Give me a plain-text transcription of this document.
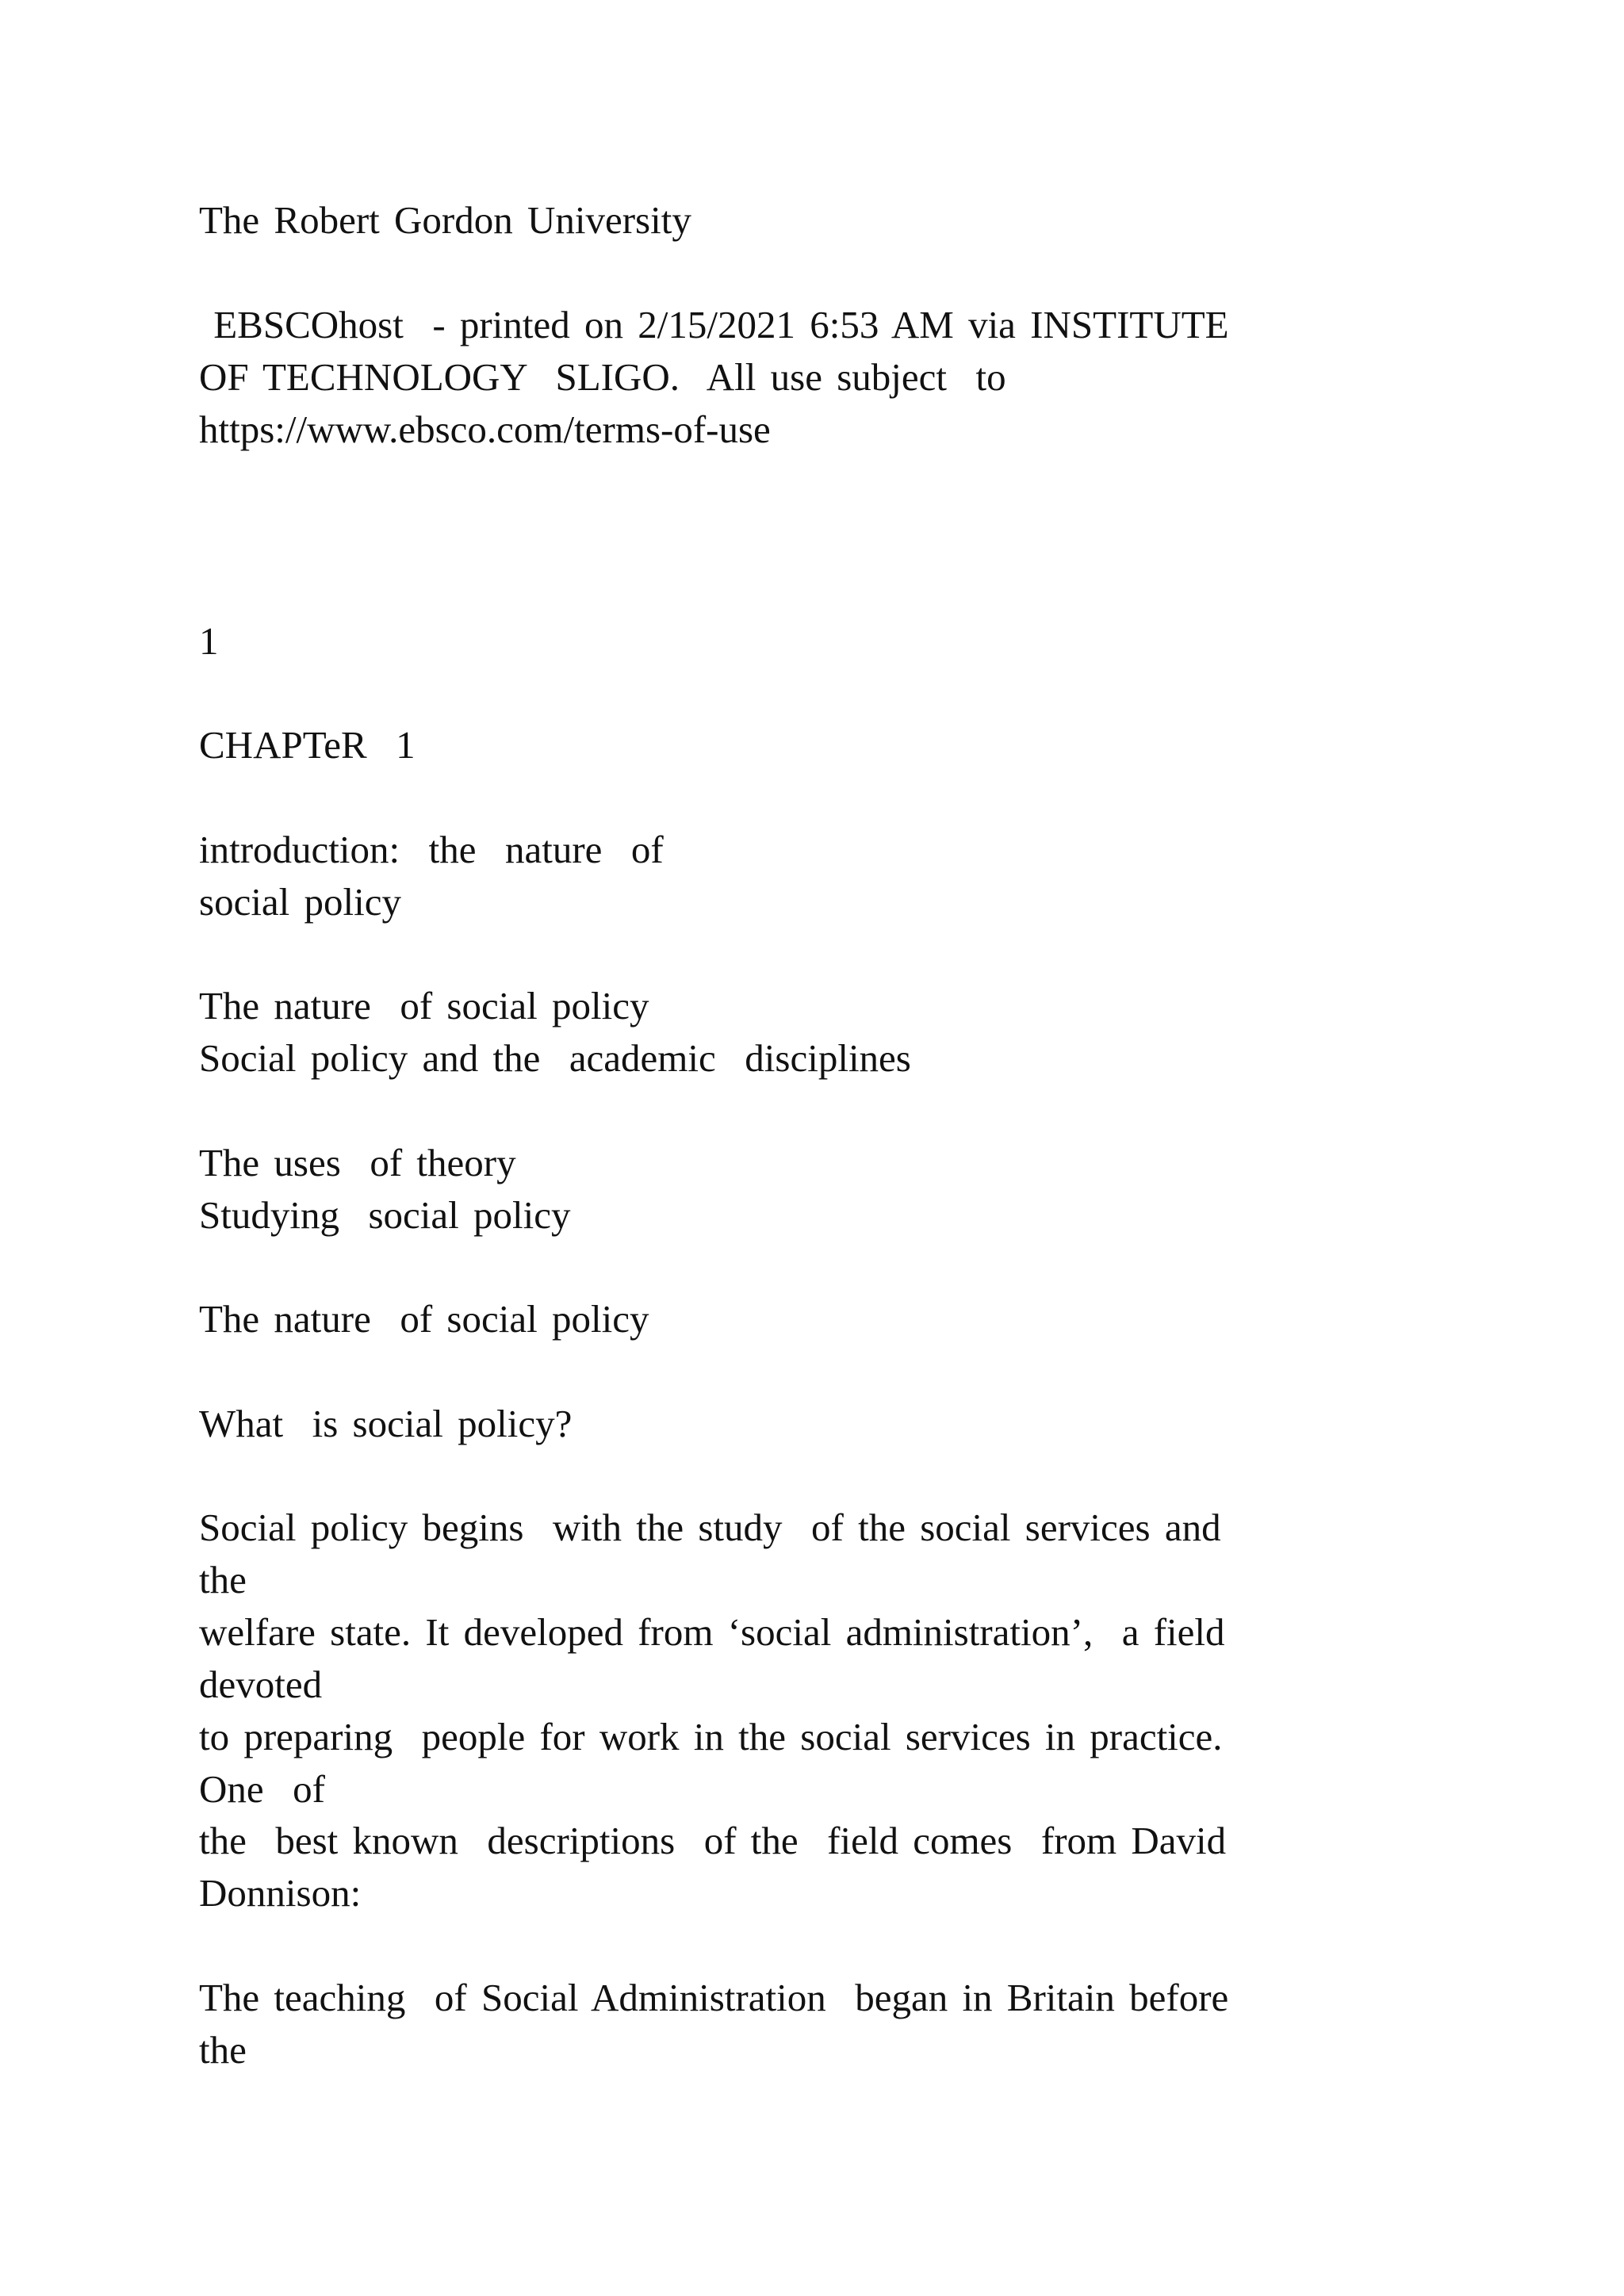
The Robert Gordon University

EBSCOhost  - printed on 2/15/2021 6:53 AM via INSTITUTE

OF TECHNOLOGY  SLIGO.  All use subject  to

https://www.ebsco.com/terms-of-use

1

CHAPTeR  1

introduction:  the  nature  of

social policy

The nature  of social policy

Social policy and the  academic  disciplines

The uses  of theory

Studying  social policy

The nature  of social policy

What  is social policy?

Social policy begins  with the study  of the social services and

the

welfare state. It developed from ‘social administration’,  a field

devoted

to preparing  people for work in the social services in practice.

One  of

the  best known  descriptions  of the  field comes  from David

Donnison:

The teaching  of Social Administration  began in Britain before

the
